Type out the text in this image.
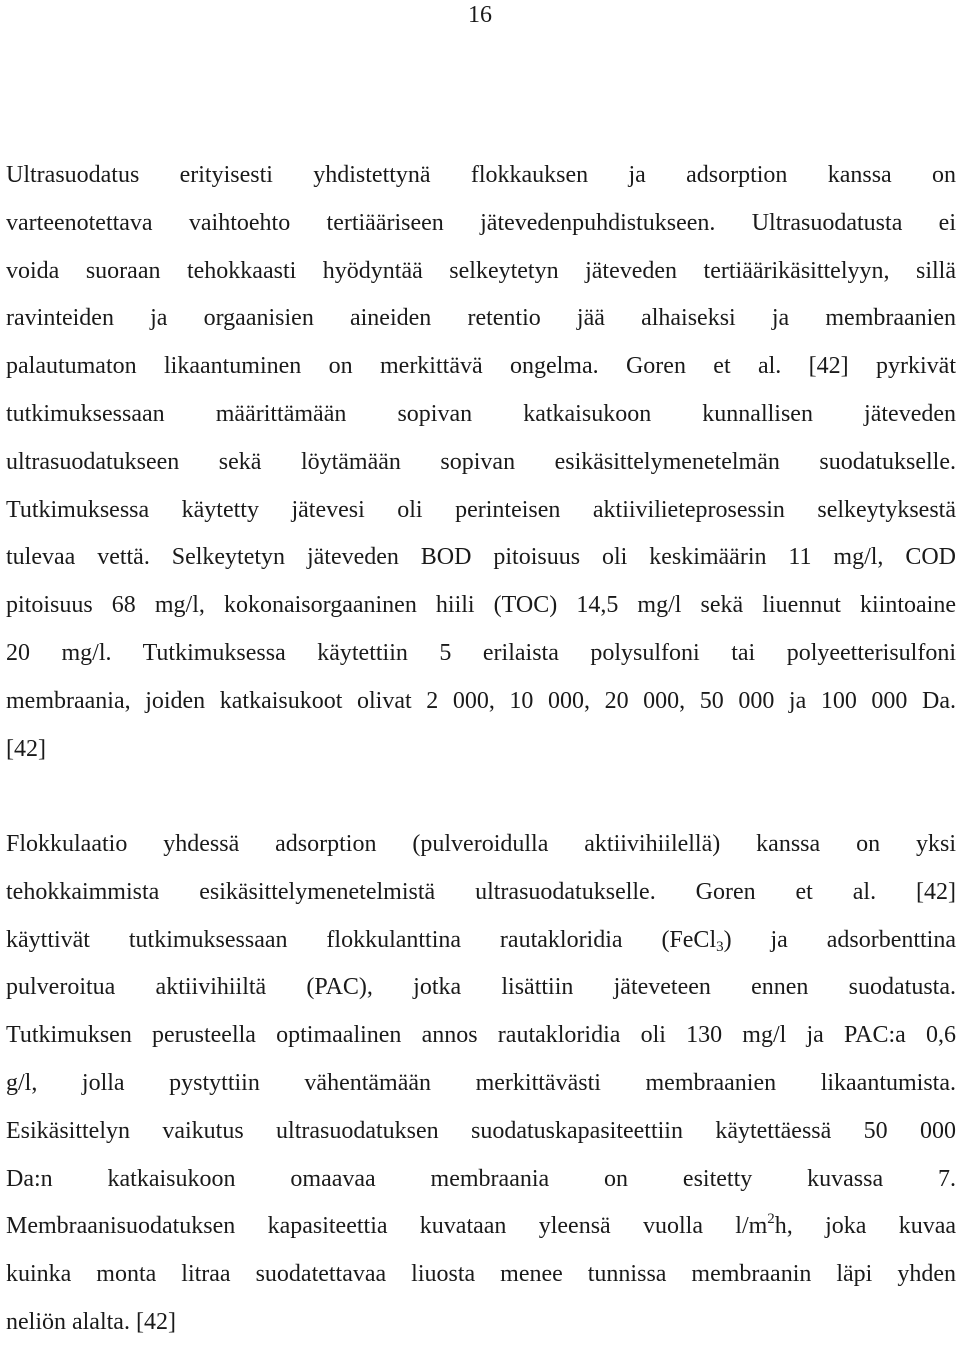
16
Ultrasuodatus erityisesti yhdistettynä flokkauksen ja adsorption kanssa on
varteenotettava vaihtoehto tertiääriseen jätevedenpuhdistukseen. Ultrasuodatusta ei
voida suoraan tehokkaasti hyödyntää selkeytetyn jäteveden tertiäärikäsittelyyn, sillä
ravinteiden ja orgaanisien aineiden retentio jää alhaiseksi ja membraanien
palautumaton likaantuminen on merkittävä ongelma. Goren et al. [42] pyrkivät
tutkimuksessaan määrittämään sopivan katkaisukoon kunnallisen jäteveden
ultrasuodatukseen sekä löytämään sopivan esikäsittelymenetelmän suodatukselle.
Tutkimuksessa käytetty jätevesi oli perinteisen aktiivilieteprosessin selkeytyksestä
tulevaa vettä. Selkeytetyn jäteveden BOD pitoisuus oli keskimäärin 11 mg/l, COD
pitoisuus 68 mg/l, kokonaisorgaaninen hiili (TOC) 14,5 mg/l sekä liuennut kiintoaine
20 mg/l. Tutkimuksessa käytettiin 5 erilaista polysulfoni tai polyeetterisulfoni
membraania, joiden katkaisukoot olivat 2 000, 10 000, 20 000, 50 000 ja 100 000 Da.
[42]
Flokkulaatio yhdessä adsorption (pulveroidulla aktiivihiilellä) kanssa on yksi
tehokkaimmista esikäsittelymenetelmistä ultrasuodatukselle. Goren et al. [42]
käyttivät tutkimuksessaan flokkulanttina rautakloridia (FeCl$_3$) ja adsorbenttina
pulveroitua aktiivihiiltä (PAC), jotka lisättiin jäteveteen ennen suodatusta.
Tutkimuksen perusteella optimaalinen annos rautakloridia oli 130 mg/l ja PAC:a 0,6
g/l, jolla pystyttiin vähentämään merkittävästi membraanien likaantumista.
Esikäsittelyn vaikutus ultrasuodatuksen suodatuskapasiteettiin käytettäessä 50 000
Da:n katkaisukoon omaavaa membraania on esitetty kuvassa 7.
Membraanisuodatuksen kapasiteettia kuvataan yleensä vuolla $l/m^2h$, joka kuvaa
kuinka monta litraa suodatettavaa liuosta menee tunnissa membraanin läpi yhden
neliön alalta. [42]
